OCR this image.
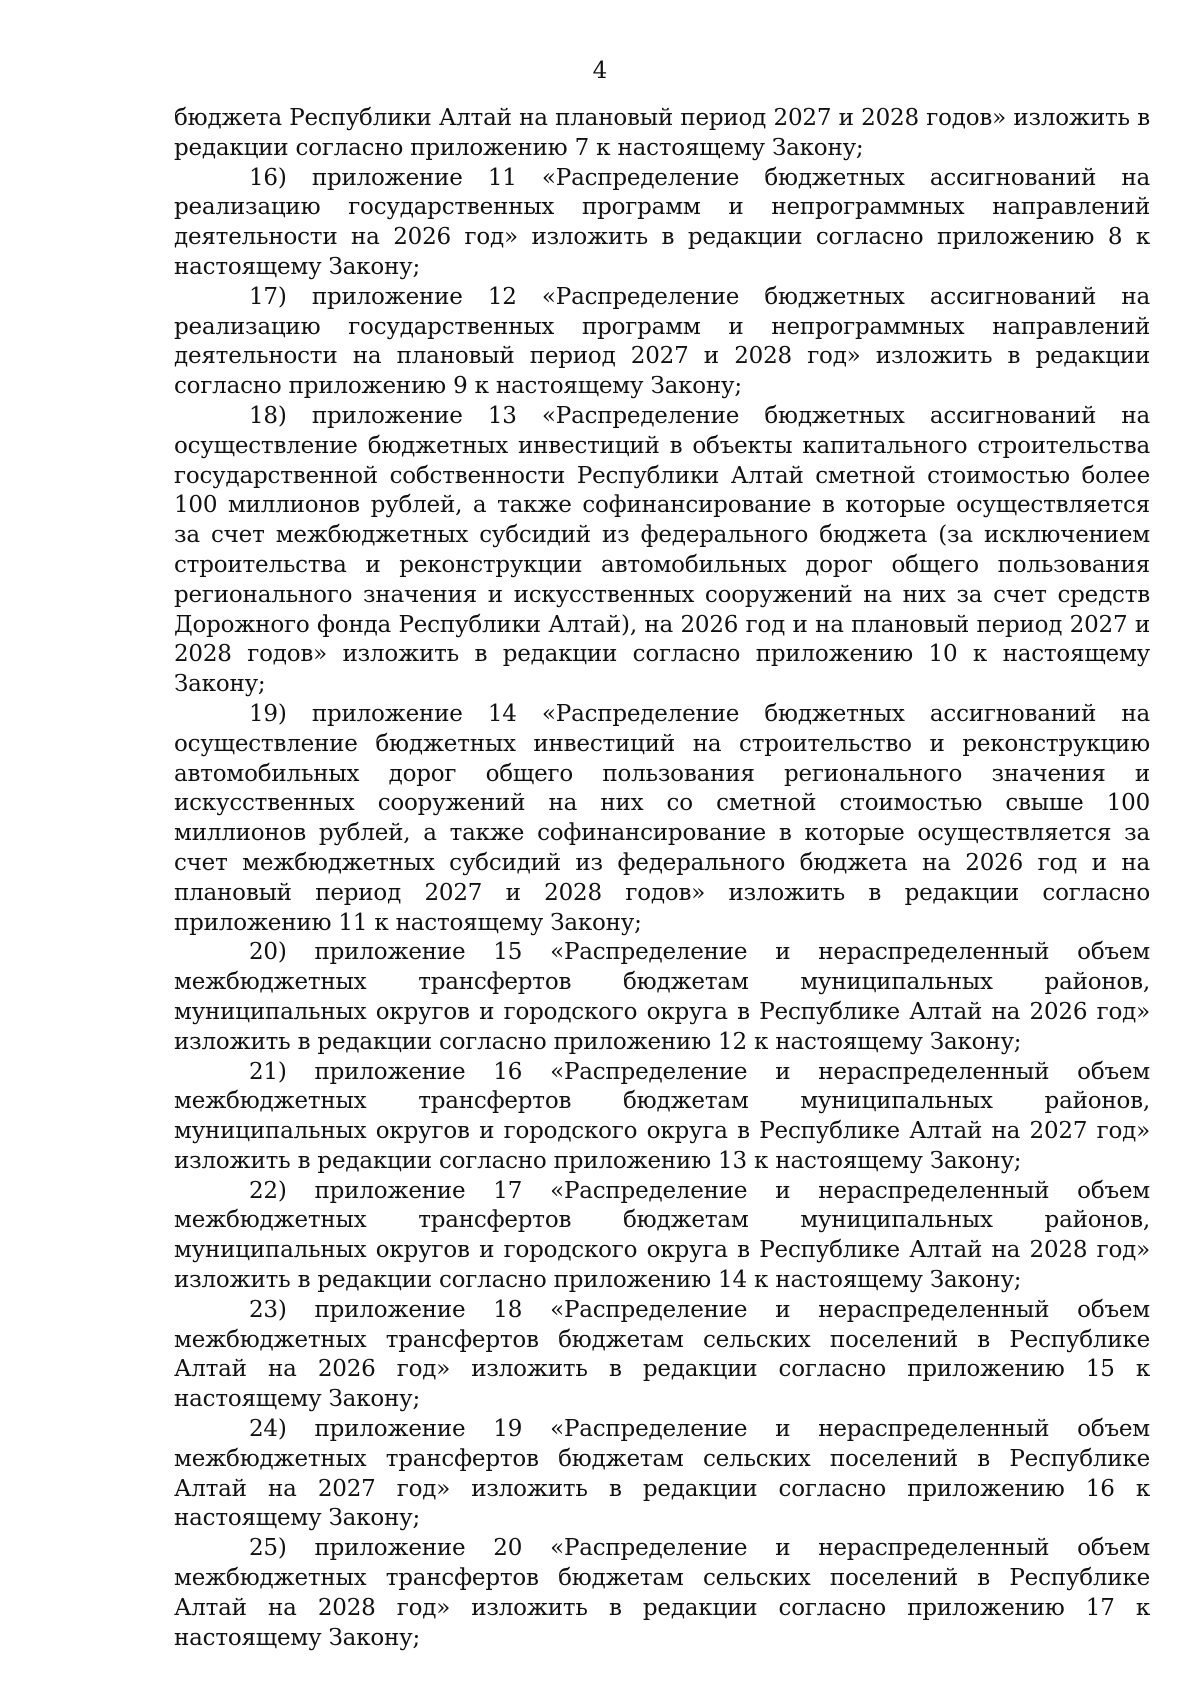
4

бюджета Республики Алтай на плановый период 2027 и 2028 годов» изложить в редакции согласно приложению 7 к настоящему Закону;

16) приложение 11 «Распределение бюджетных ассигнований на реализацию государственных программ и непрограммных направлений деятельности на 2026 год» изложить в редакции согласно приложению 8 к настоящему Закону;

17) приложение 12 «Распределение бюджетных ассигнований на реализацию государственных программ и непрограммных направлений деятельности на плановый период 2027 и 2028 год» изложить в редакции согласно приложению 9 к настоящему Закону;

18) приложение 13 «Распределение бюджетных ассигнований на осуществление бюджетных инвестиций в объекты капитального строительства государственной собственности Республики Алтай сметной стоимостью более 100 миллионов рублей, а также софинансирование в которые осуществляется за счет межбюджетных субсидий из федерального бюджета (за исключением строительства и реконструкции автомобильных дорог общего пользования регионального значения и искусственных сооружений на них за счет средств Дорожного фонда Республики Алтай), на 2026 год и на плановый период 2027 и 2028 годов» изложить в редакции согласно приложению 10 к настоящему Закону;

19) приложение 14 «Распределение бюджетных ассигнований на осуществление бюджетных инвестиций на строительство и реконструкцию автомобильных дорог общего пользования регионального значения и искусственных сооружений на них со сметной стоимостью свыше 100 миллионов рублей, а также софинансирование в которые осуществляется за счет межбюджетных субсидий из федерального бюджета на 2026 год и на плановый период 2027 и 2028 годов» изложить в редакции согласно приложению 11 к настоящему Закону;

20) приложение 15 «Распределение и нераспределенный объем межбюджетных трансфертов бюджетам муниципальных районов, муниципальных округов и городского округа в Республике Алтай на 2026 год» изложить в редакции согласно приложению 12 к настоящему Закону;

21) приложение 16 «Распределение и нераспределенный объем межбюджетных трансфертов бюджетам муниципальных районов, муниципальных округов и городского округа в Республике Алтай на 2027 год» изложить в редакции согласно приложению 13 к настоящему Закону;

22) приложение 17 «Распределение и нераспределенный объем межбюджетных трансфертов бюджетам муниципальных районов, муниципальных округов и городского округа в Республике Алтай на 2028 год» изложить в редакции согласно приложению 14 к настоящему Закону;

23) приложение 18 «Распределение и нераспределенный объем межбюджетных трансфертов бюджетам сельских поселений в Республике Алтай на 2026 год» изложить в редакции согласно приложению 15 к настоящему Закону;

24) приложение 19 «Распределение и нераспределенный объем межбюджетных трансфертов бюджетам сельских поселений в Республике Алтай на 2027 год» изложить в редакции согласно приложению 16 к настоящему Закону;

25) приложение 20 «Распределение и нераспределенный объем межбюджетных трансфертов бюджетам сельских поселений в Республике Алтай на 2028 год» изложить в редакции согласно приложению 17 к настоящему Закону;
